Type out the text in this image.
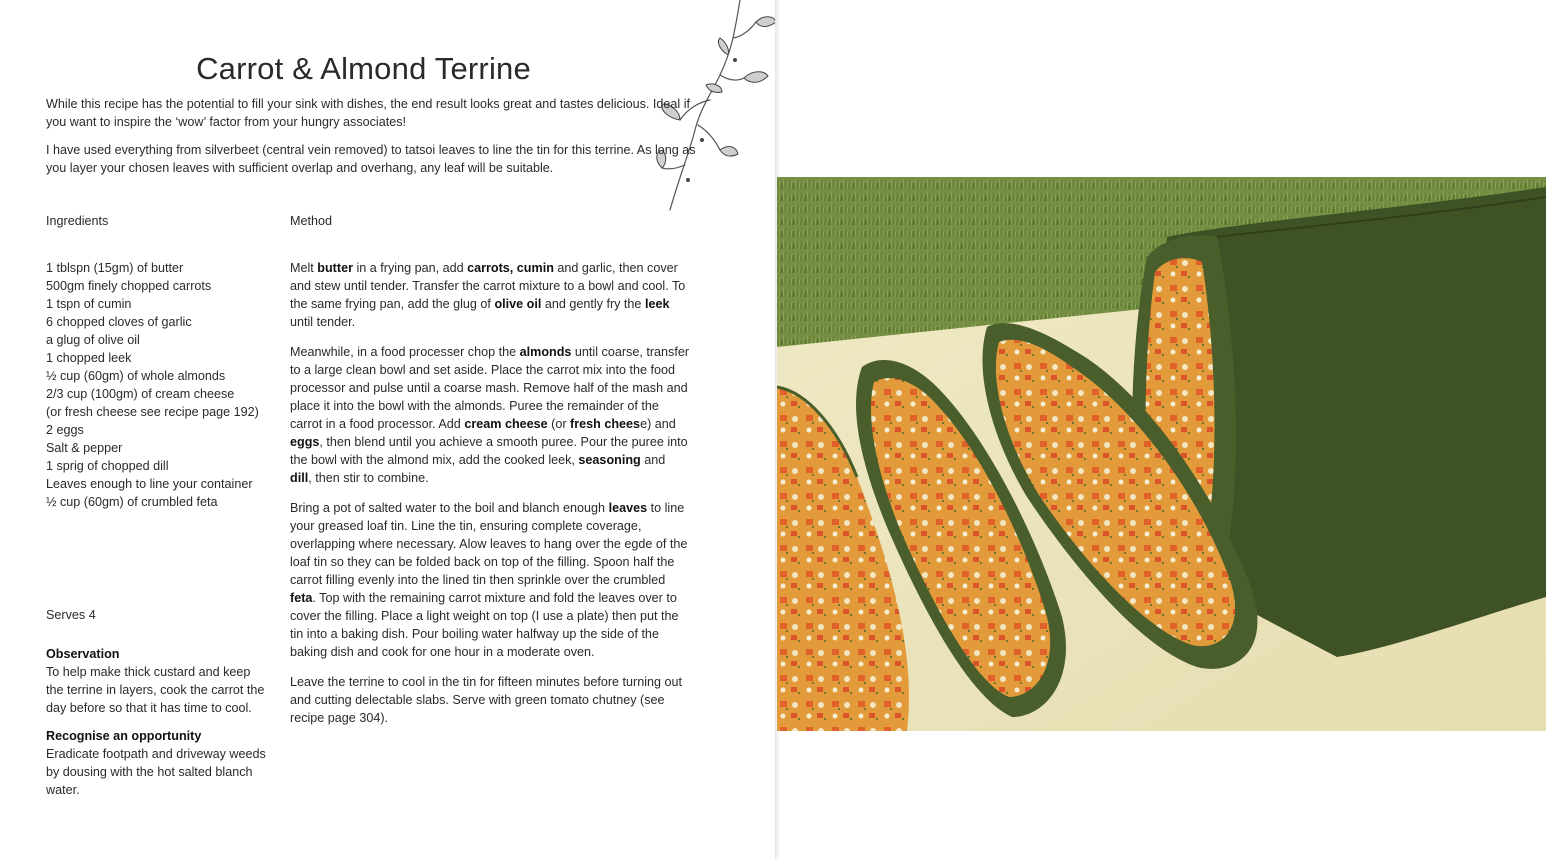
Carrot & Almond Terrine

While this recipe has the potential to fill your sink with dishes, the end result looks great and tastes delicious. Ideal if you want to inspire the ‘wow’ factor from your hungry associates!

I have used everything from silverbeet (central vein removed) to tatsoi leaves to line the tin for this terrine. As long as you layer your chosen leaves with sufficient overlap and overhang, any leaf will be suitable.

Ingredients	Method
1 tblspn (15gm) of butter
500gm finely chopped carrots
1 tspn of cumin
6 chopped cloves of garlic
a glug of olive oil
1 chopped leek
½ cup (60gm) of whole almonds
2/3 cup (100gm) of cream cheese
(or fresh cheese see recipe page 192)
2 eggs
Salt & pepper
1 sprig of chopped dill
Leaves enough to line your container
½ cup (60gm) of crumbled feta
Serves 4
Observation

To help make thick custard and keep the terrine in layers, cook the carrot the day before so that it has time to cool.

Recognise an opportunity

Eradicate footpath and driveway weeds by dousing with the hot salted blanch water.

Melt butter in a frying pan, add carrots, cumin and garlic, then cover and stew until tender. Transfer the carrot mixture to a bowl and cool. To the same frying pan, add the glug of olive oil and gently fry the leek until tender.

Meanwhile, in a food processer chop the almonds until coarse, transfer to a large clean bowl and set aside. Place the carrot mix into the food processor and pulse until a coarse mash. Remove half of the mash and place it into the bowl with the almonds. Puree the remainder of the carrot in a food processor. Add cream cheese (or fresh cheese) and eggs, then blend until you achieve a smooth puree. Pour the puree into the bowl with the almond mix, add the cooked leek, seasoning and dill, then stir to combine.

Bring a pot of salted water to the boil and blanch enough leaves to line your greased loaf tin. Line the tin, ensuring complete coverage, overlapping where necessary. Alow leaves to hang over the egde of the loaf tin so they can be folded back on top of the filling. Spoon half the carrot filling evenly into the lined tin then sprinkle over the crumbled feta. Top with the remaining carrot mixture and fold the leaves over to cover the filling. Place a light weight on top (I use a plate) then put the tin into a baking dish. Pour boiling water halfway up the side of the baking dish and cook for one hour in a moderate oven.

Leave the terrine to cool in the tin for fifteen minutes before turning out and cutting delectable slabs. Serve with green tomato chutney (see recipe page 304).
